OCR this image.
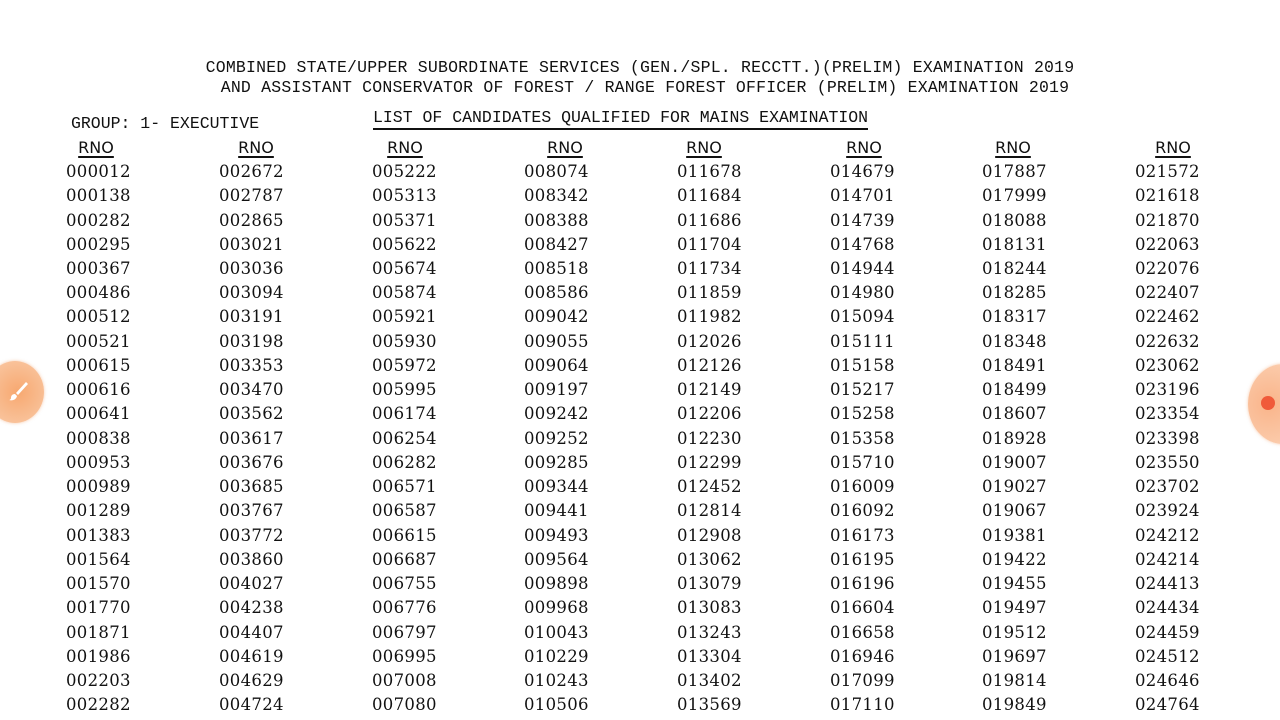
COMBINED STATE/UPPER SUBORDINATE SERVICES (GEN./SPL. RECCTT.)(PRELIM) EXAMINATION 2019
AND ASSISTANT CONSERVATOR OF FOREST / RANGE FOREST OFFICER (PRELIM) EXAMINATION 2019
GROUP: 1- EXECUTIVE	LIST OF CANDIDATES QUALIFIED FOR MAINS EXAMINATION
RNO
000012
000138
000282
000295
000367
000486
000512
000521
000615
000616
000641
000838
000953
000989
001289
001383
001564
001570
001770
001871
001986
002203
002282
RNO
002672
002787
002865
003021
003036
003094
003191
003198
003353
003470
003562
003617
003676
003685
003767
003772
003860
004027
004238
004407
004619
004629
004724
RNO
005222
005313
005371
005622
005674
005874
005921
005930
005972
005995
006174
006254
006282
006571
006587
006615
006687
006755
006776
006797
006995
007008
007080
RNO
008074
008342
008388
008427
008518
008586
009042
009055
009064
009197
009242
009252
009285
009344
009441
009493
009564
009898
009968
010043
010229
010243
010506
RNO
011678
011684
011686
011704
011734
011859
011982
012026
012126
012149
012206
012230
012299
012452
012814
012908
013062
013079
013083
013243
013304
013402
013569
RNO
014679
014701
014739
014768
014944
014980
015094
015111
015158
015217
015258
015358
015710
016009
016092
016173
016195
016196
016604
016658
016946
017099
017110
RNO
017887
017999
018088
018131
018244
018285
018317
018348
018491
018499
018607
018928
019007
019027
019067
019381
019422
019455
019497
019512
019697
019814
019849
RNO
021572
021618
021870
022063
022076
022407
022462
022632
023062
023196
023354
023398
023550
023702
023924
024212
024214
024413
024434
024459
024512
024646
024764
